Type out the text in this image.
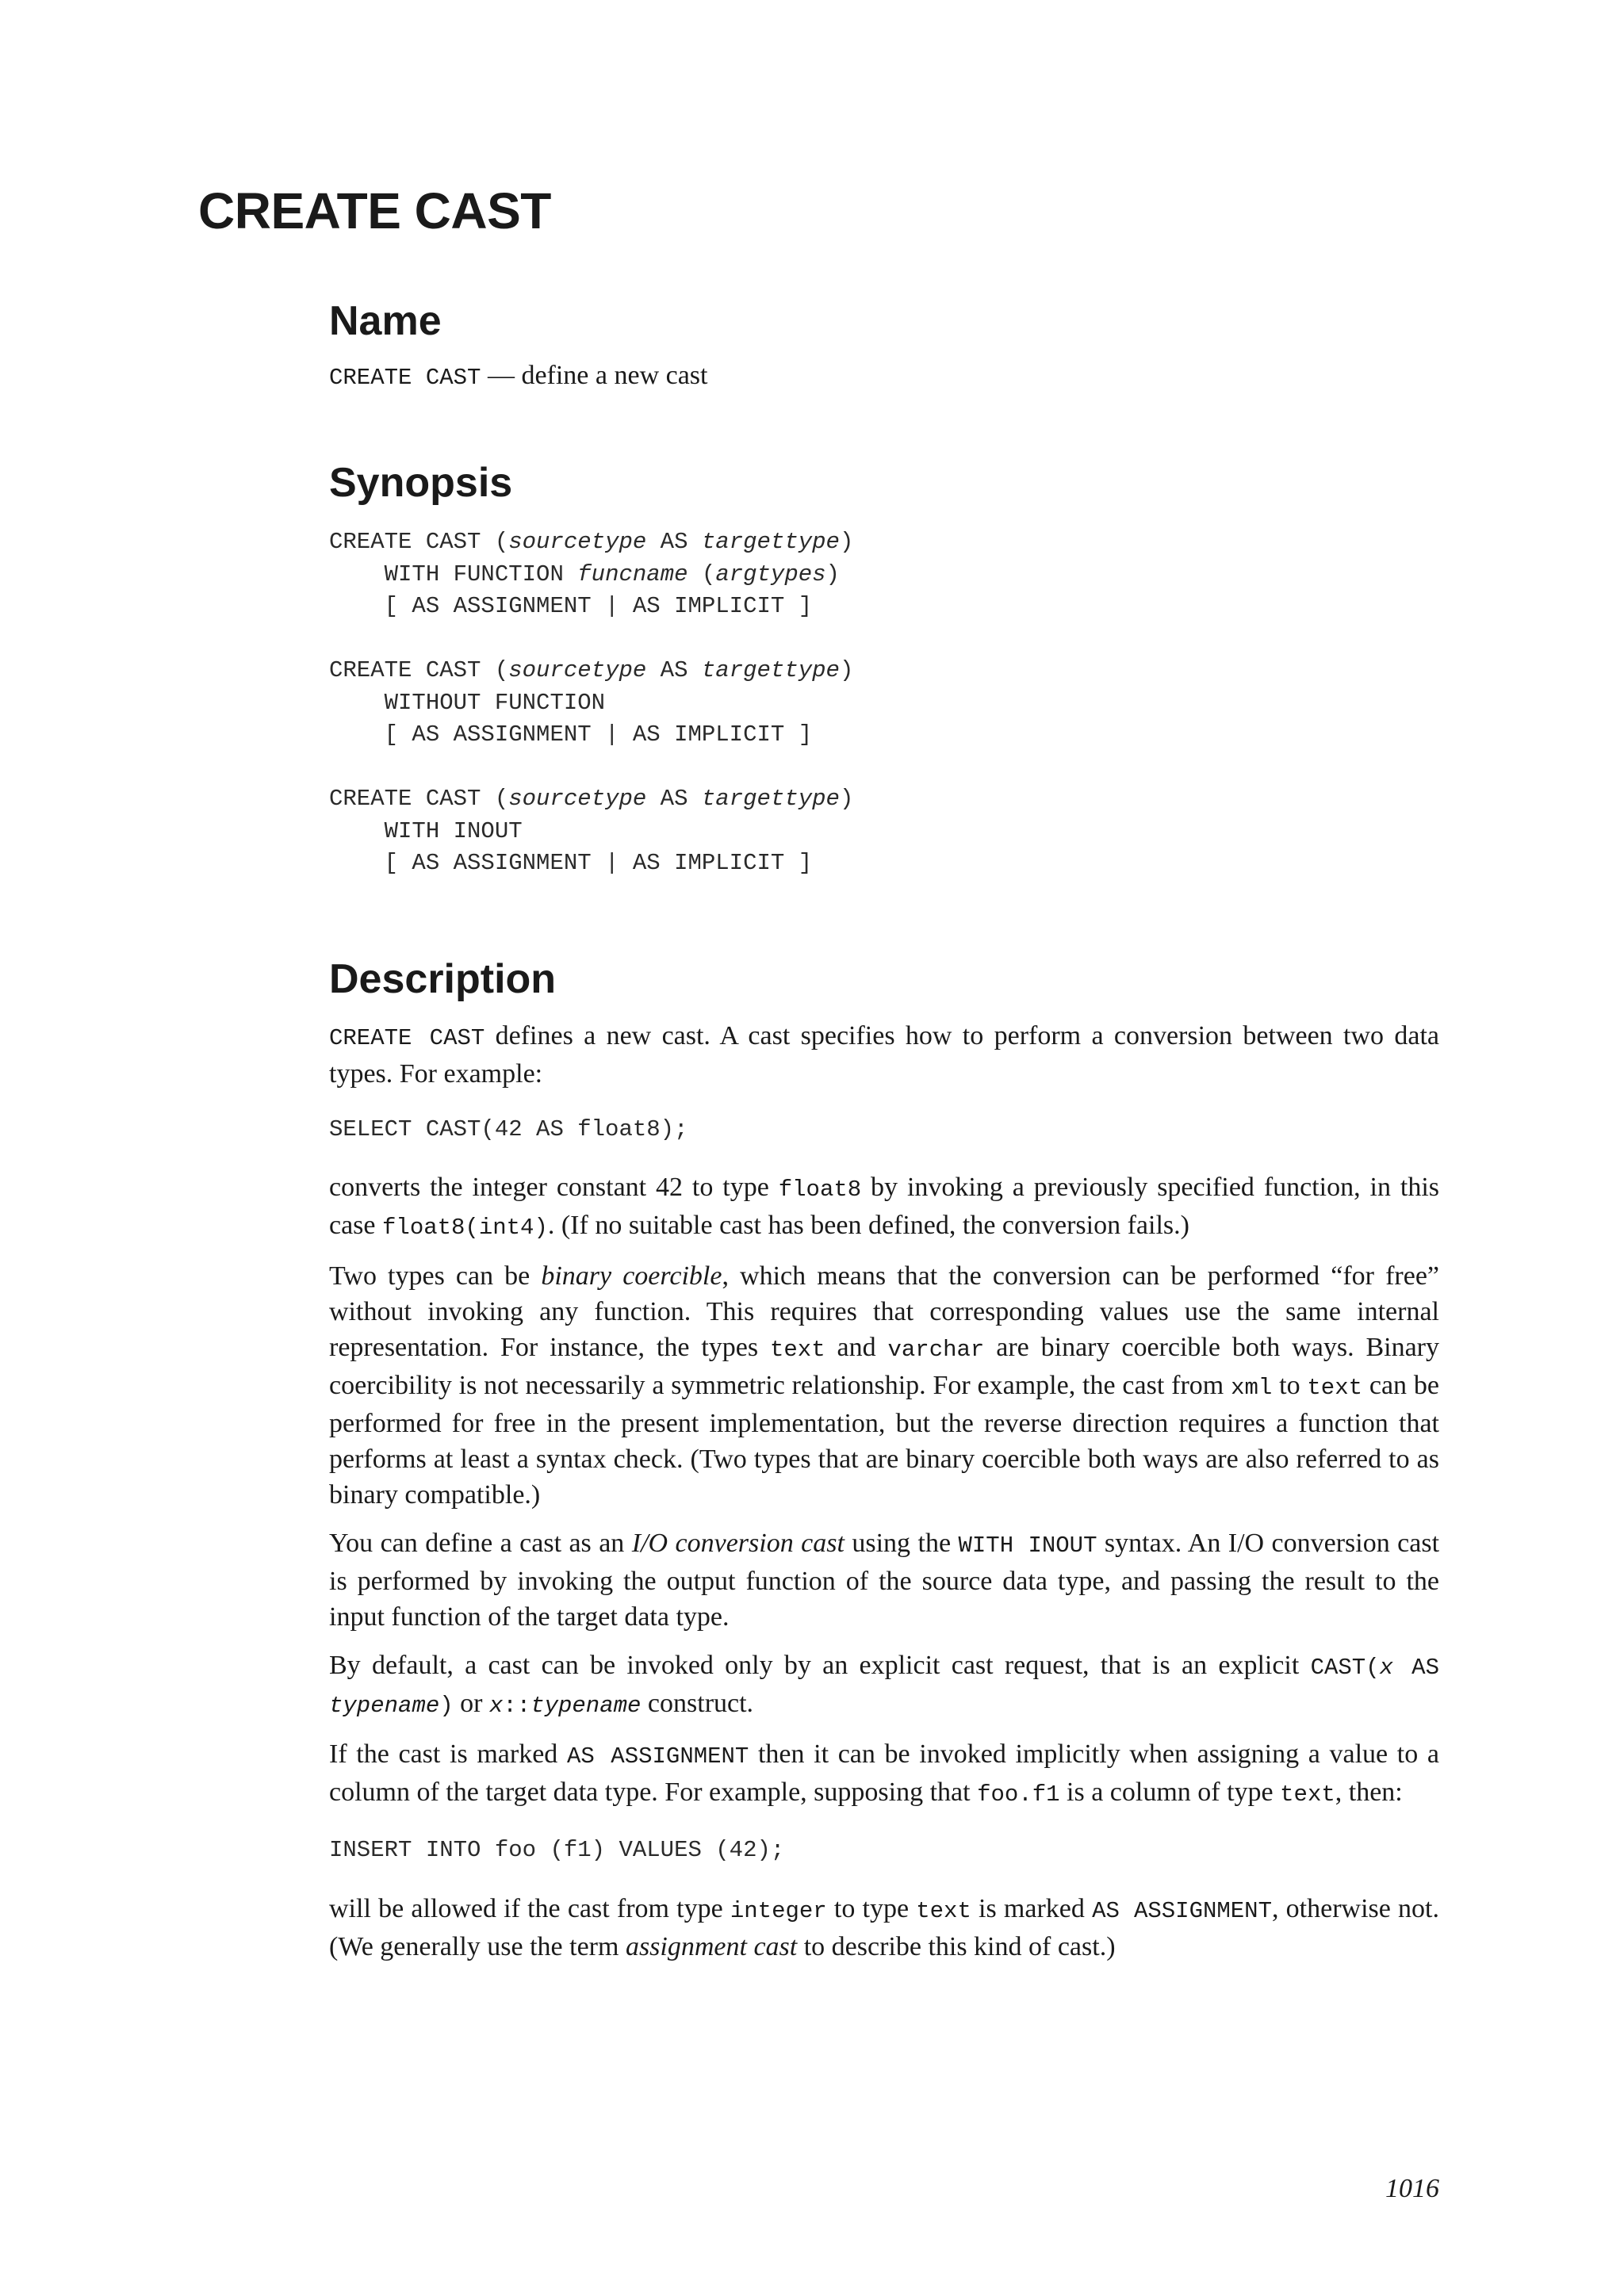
CREATE CAST
Name

CREATE CAST — define a new cast

Synopsis
CREATE CAST (sourcetype AS targettype)
WITH FUNCTION funcname (argtypes)
[ AS ASSIGNMENT | AS IMPLICIT ]

CREATE CAST (sourcetype AS targettype)
WITHOUT FUNCTION
[ AS ASSIGNMENT | AS IMPLICIT ]

CREATE CAST (sourcetype AS targettype)
WITH INOUT
[ AS ASSIGNMENT | AS IMPLICIT ]
Description

CREATE CAST defines a new cast. A cast specifies how to perform a conversion between two data types. For example:

SELECT CAST(42 AS float8);

converts the integer constant 42 to type float8 by invoking a previously specified function, in this case float8(int4). (If no suitable cast has been defined, the conversion fails.)

Two types can be binary coercible, which means that the conversion can be performed “for free” without invoking any function. This requires that corresponding values use the same internal representation. For instance, the types text and varchar are binary coercible both ways. Binary coercibility is not necessarily a symmetric relationship. For example, the cast from xml to text can be performed for free in the present implementation, but the reverse direction requires a function that performs at least a syntax check. (Two types that are binary coercible both ways are also referred to as binary compatible.)

You can define a cast as an I/O conversion cast using the WITH INOUT syntax. An I/O conversion cast is performed by invoking the output function of the source data type, and passing the result to the input function of the target data type.

By default, a cast can be invoked only by an explicit cast request, that is an explicit CAST(x AS typename) or x::typename construct.

If the cast is marked AS ASSIGNMENT then it can be invoked implicitly when assigning a value to a column of the target data type. For example, supposing that foo.f1 is a column of type text, then:

INSERT INTO foo (f1) VALUES (42);

will be allowed if the cast from type integer to type text is marked AS ASSIGNMENT, otherwise not. (We generally use the term assignment cast to describe this kind of cast.)

1016
